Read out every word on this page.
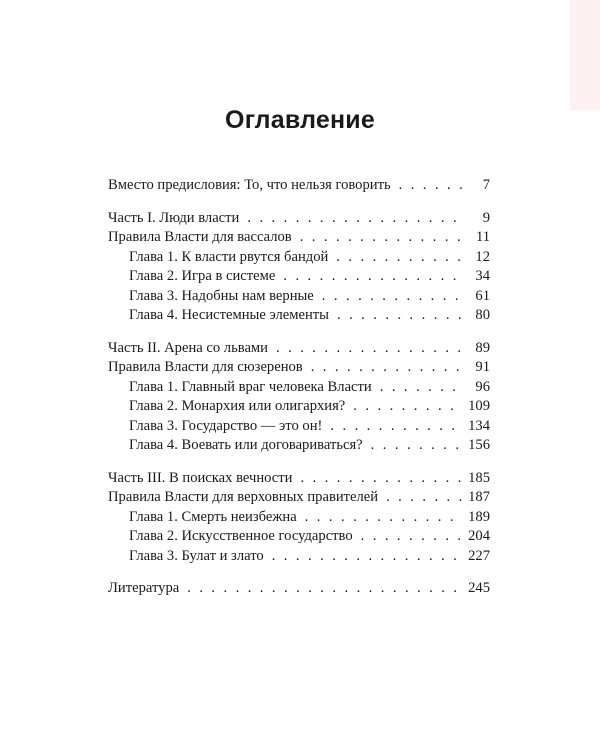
Оглавление
Вместо предисловия: То, что нельзя говорить . . .	7
Часть I. Люди власти . . .	9
Правила Власти для вассалов . . .	11
Глава 1. К власти рвутся бандой . . .	12
Глава 2. Игра в системе . . .	34
Глава 3. Надобны нам верные . . .	61
Глава 4. Несистемные элементы . . .	80
Часть II. Арена со львами . . .	89
Правила Власти для сюзеренов . . .	91
Глава 1. Главный враг человека Власти . . .	96
Глава 2. Монархия или олигархия? . . .	109
Глава 3. Государство — это он! . . .	134
Глава 4. Воевать или договариваться? . . .	156
Часть III. В поисках вечности . . .	185
Правила Власти для верховных правителей . . .	187
Глава 1. Смерть неизбежна . . .	189
Глава 2. Искусственное государство . . .	204
Глава 3. Булат и злато . . .	227
Литература . . .	245
